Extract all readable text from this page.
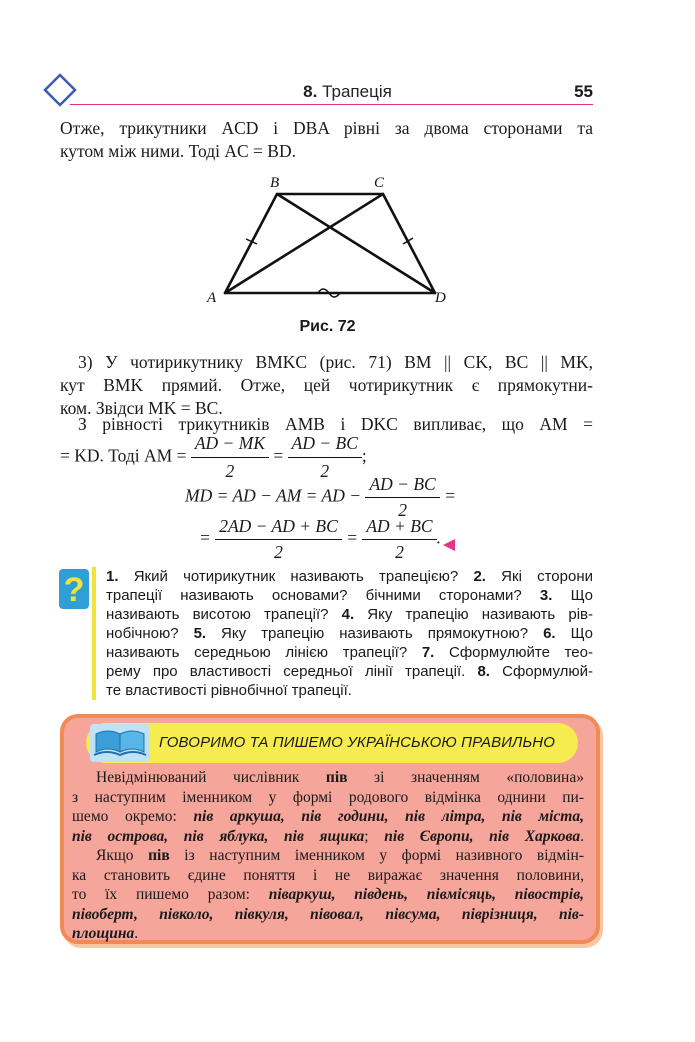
8. Трапеція	55
Отже, трикутники ACD і DBA рівні за двома сторонами та
кутом між ними. Тоді AC = BD.
B	C
A	D
Рис. 72
3) У чотирикутнику BMKC (рис. 71) BM || CK, BC || MK,
кут BMK прямий. Отже, цей чотирикутник є прямокутни-
ком. Звідси MK = BC.
З рівності трикутників AMB і DKC випливає, що AM =
= KD. Тоді AM = $\frac{AD - MK}{2} = \frac{AD - BC}{2}$ ;
MD = AD − AM = AD − $\frac{AD - BC}{2}$ =
= $\frac{2AD - AD + BC}{2} = \frac{AD + BC}{2}$ .
? 1. Який чотирикутник називають трапецією? 2. Які сторони
трапеції називають основами? бічними сторонами? 3. Що
називають висотою трапеції? 4. Яку трапецію називають рів-
нобічною? 5. Яку трапецію називають прямокутною? 6. Що
називають середньою лінією трапеції? 7. Сформулюйте тео-
рему про властивості середньої лінії трапеції. 8. Сформулюй-
те властивості рівнобічної трапеції.
ГОВОРИМО ТА ПИШЕМО УКРАЇНСЬКОЮ ПРАВИЛЬНО
Невідмінюваний числівник пів зі значенням «половина»
з наступним іменником у формі родового відмінка однини пи-
шемо окремо: пів аркуша, пів години, пів літра, пів міста,
пів острова, пів яблука, пів ящика; пів Європи, пів Харкова.
Якщо пів із наступним іменником у формі називного відмін-
ка становить єдине поняття і не виражає значення половини,
то їх пишемо разом: піваркуш, південь, півмісяць, півострів,
півоберт, півколо, півкуля, півовал, півсума, піврізниця, пів-
площина.
